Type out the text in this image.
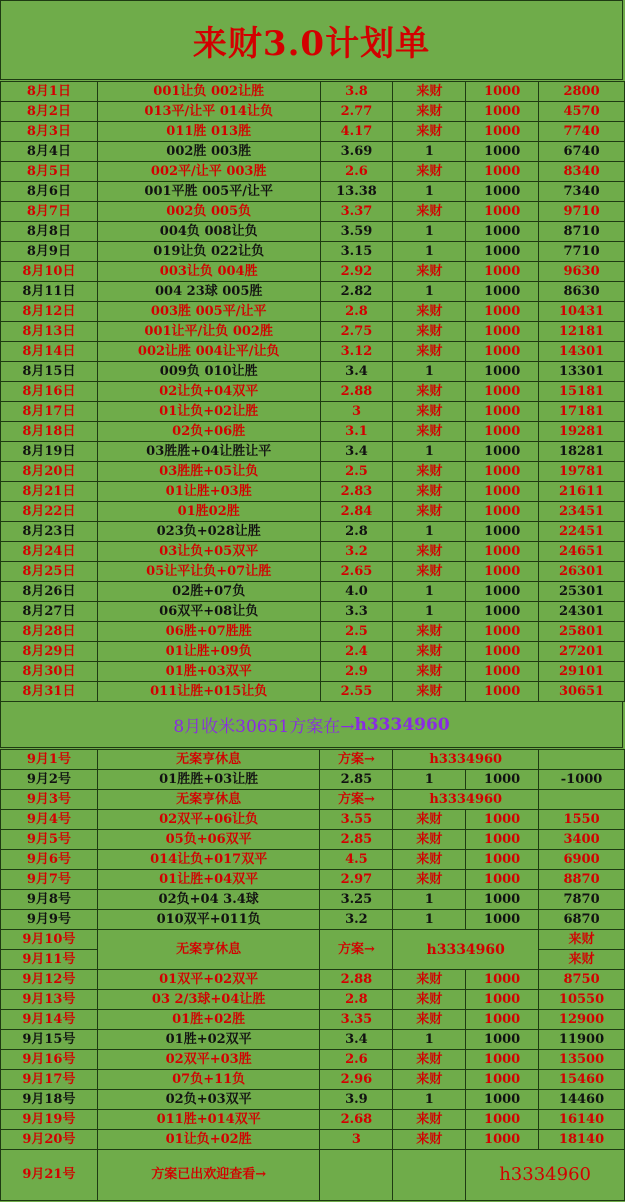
来财3.0计划单
8月1日	001让负 002让胜	3.8	来财	1000	2800
8月2日	013平/让平 014让负	2.77	来财	1000	4570
8月3日	011胜 013胜	4.17	来财	1000	7740
8月4日	002胜 003胜	3.69	1	1000	6740
8月5日	002平/让平 003胜	2.6	来财	1000	8340
8月6日	001平胜 005平/让平	13.38	1	1000	7340
8月7日	002负 005负	3.37	来财	1000	9710
8月8日	004负 008让负	3.59	1	1000	8710
8月9日	019让负 022让负	3.15	1	1000	7710
8月10日	003让负 004胜	2.92	来财	1000	9630
8月11日	004 23球 005胜	2.82	1	1000	8630
8月12日	003胜 005平/让平	2.8	来财	1000	10431
8月13日	001让平/让负 002胜	2.75	来财	1000	12181
8月14日	002让胜 004让平/让负	3.12	来财	1000	14301
8月15日	009负 010让胜	3.4	1	1000	13301
8月16日	02让负+04双平	2.88	来财	1000	15181
8月17日	01让负+02让胜	3	来财	1000	17181
8月18日	02负+06胜	3.1	来财	1000	19281
8月19日	03胜胜+04让胜让平	3.4	1	1000	18281
8月20日	03胜胜+05让负	2.5	来财	1000	19781
8月21日	01让胜+03胜	2.83	来财	1000	21611
8月22日	01胜02胜	2.84	来财	1000	23451
8月23日	023负+028让胜	2.8	1	1000	22451
8月24日	03让负+05双平	3.2	来财	1000	24651
8月25日	05让平让负+07让胜	2.65	来财	1000	26301
8月26日	02胜+07负	4.0	1	1000	25301
8月27日	06双平+08让负	3.3	1	1000	24301
8月28日	06胜+07胜胜	2.5	来财	1000	25801
8月29日	01让胜+09负	2.4	来财	1000	27201
8月30日	01胜+03双平	2.9	来财	1000	29101
8月31日	011让胜+015让负	2.55	来财	1000	30651
8月收米30651方案在→ h3334960
9月1号	无案亨休息	方案→	h3334960		
9月2号	01胜胜+03让胜	2.85	1	1000	-1000
9月3号	无案亨休息	方案→	h3334960		
9月4号	02双平+06让负	3.55	来财	1000	1550
9月5号	05负+06双平	2.85	来财	1000	3400
9月6号	014让负+017双平	4.5	来财	1000	6900
9月7号	01让胜+04双平	2.97	来财	1000	8870
9月8号	02负+04 3.4球	3.25	1	1000	7870
9月9号	010双平+011负	3.2	1	1000	6870
9月10号	无案亨休息	方案→	h3334960		来财
9月11号					来财
9月12号	01双平+02双平	2.88	来财	1000	8750
9月13号	03 2/3球+04让胜	2.8	来财	1000	10550
9月14号	01胜+02胜	3.35	来财	1000	12900
9月15号	01胜+02双平	3.4	1	1000	11900
9月16号	02双平+03胜	2.6	来财	1000	13500
9月17号	07负+11负	2.96	来财	1000	15460
9月18号	02负+03双平	3.9	1	1000	14460
9月19号	011胜+014双平	2.68	来财	1000	16140
9月20号	01让负+02胜	3	来财	1000	18140
9月21号	方案已出欢迎查看→			h3334960	
